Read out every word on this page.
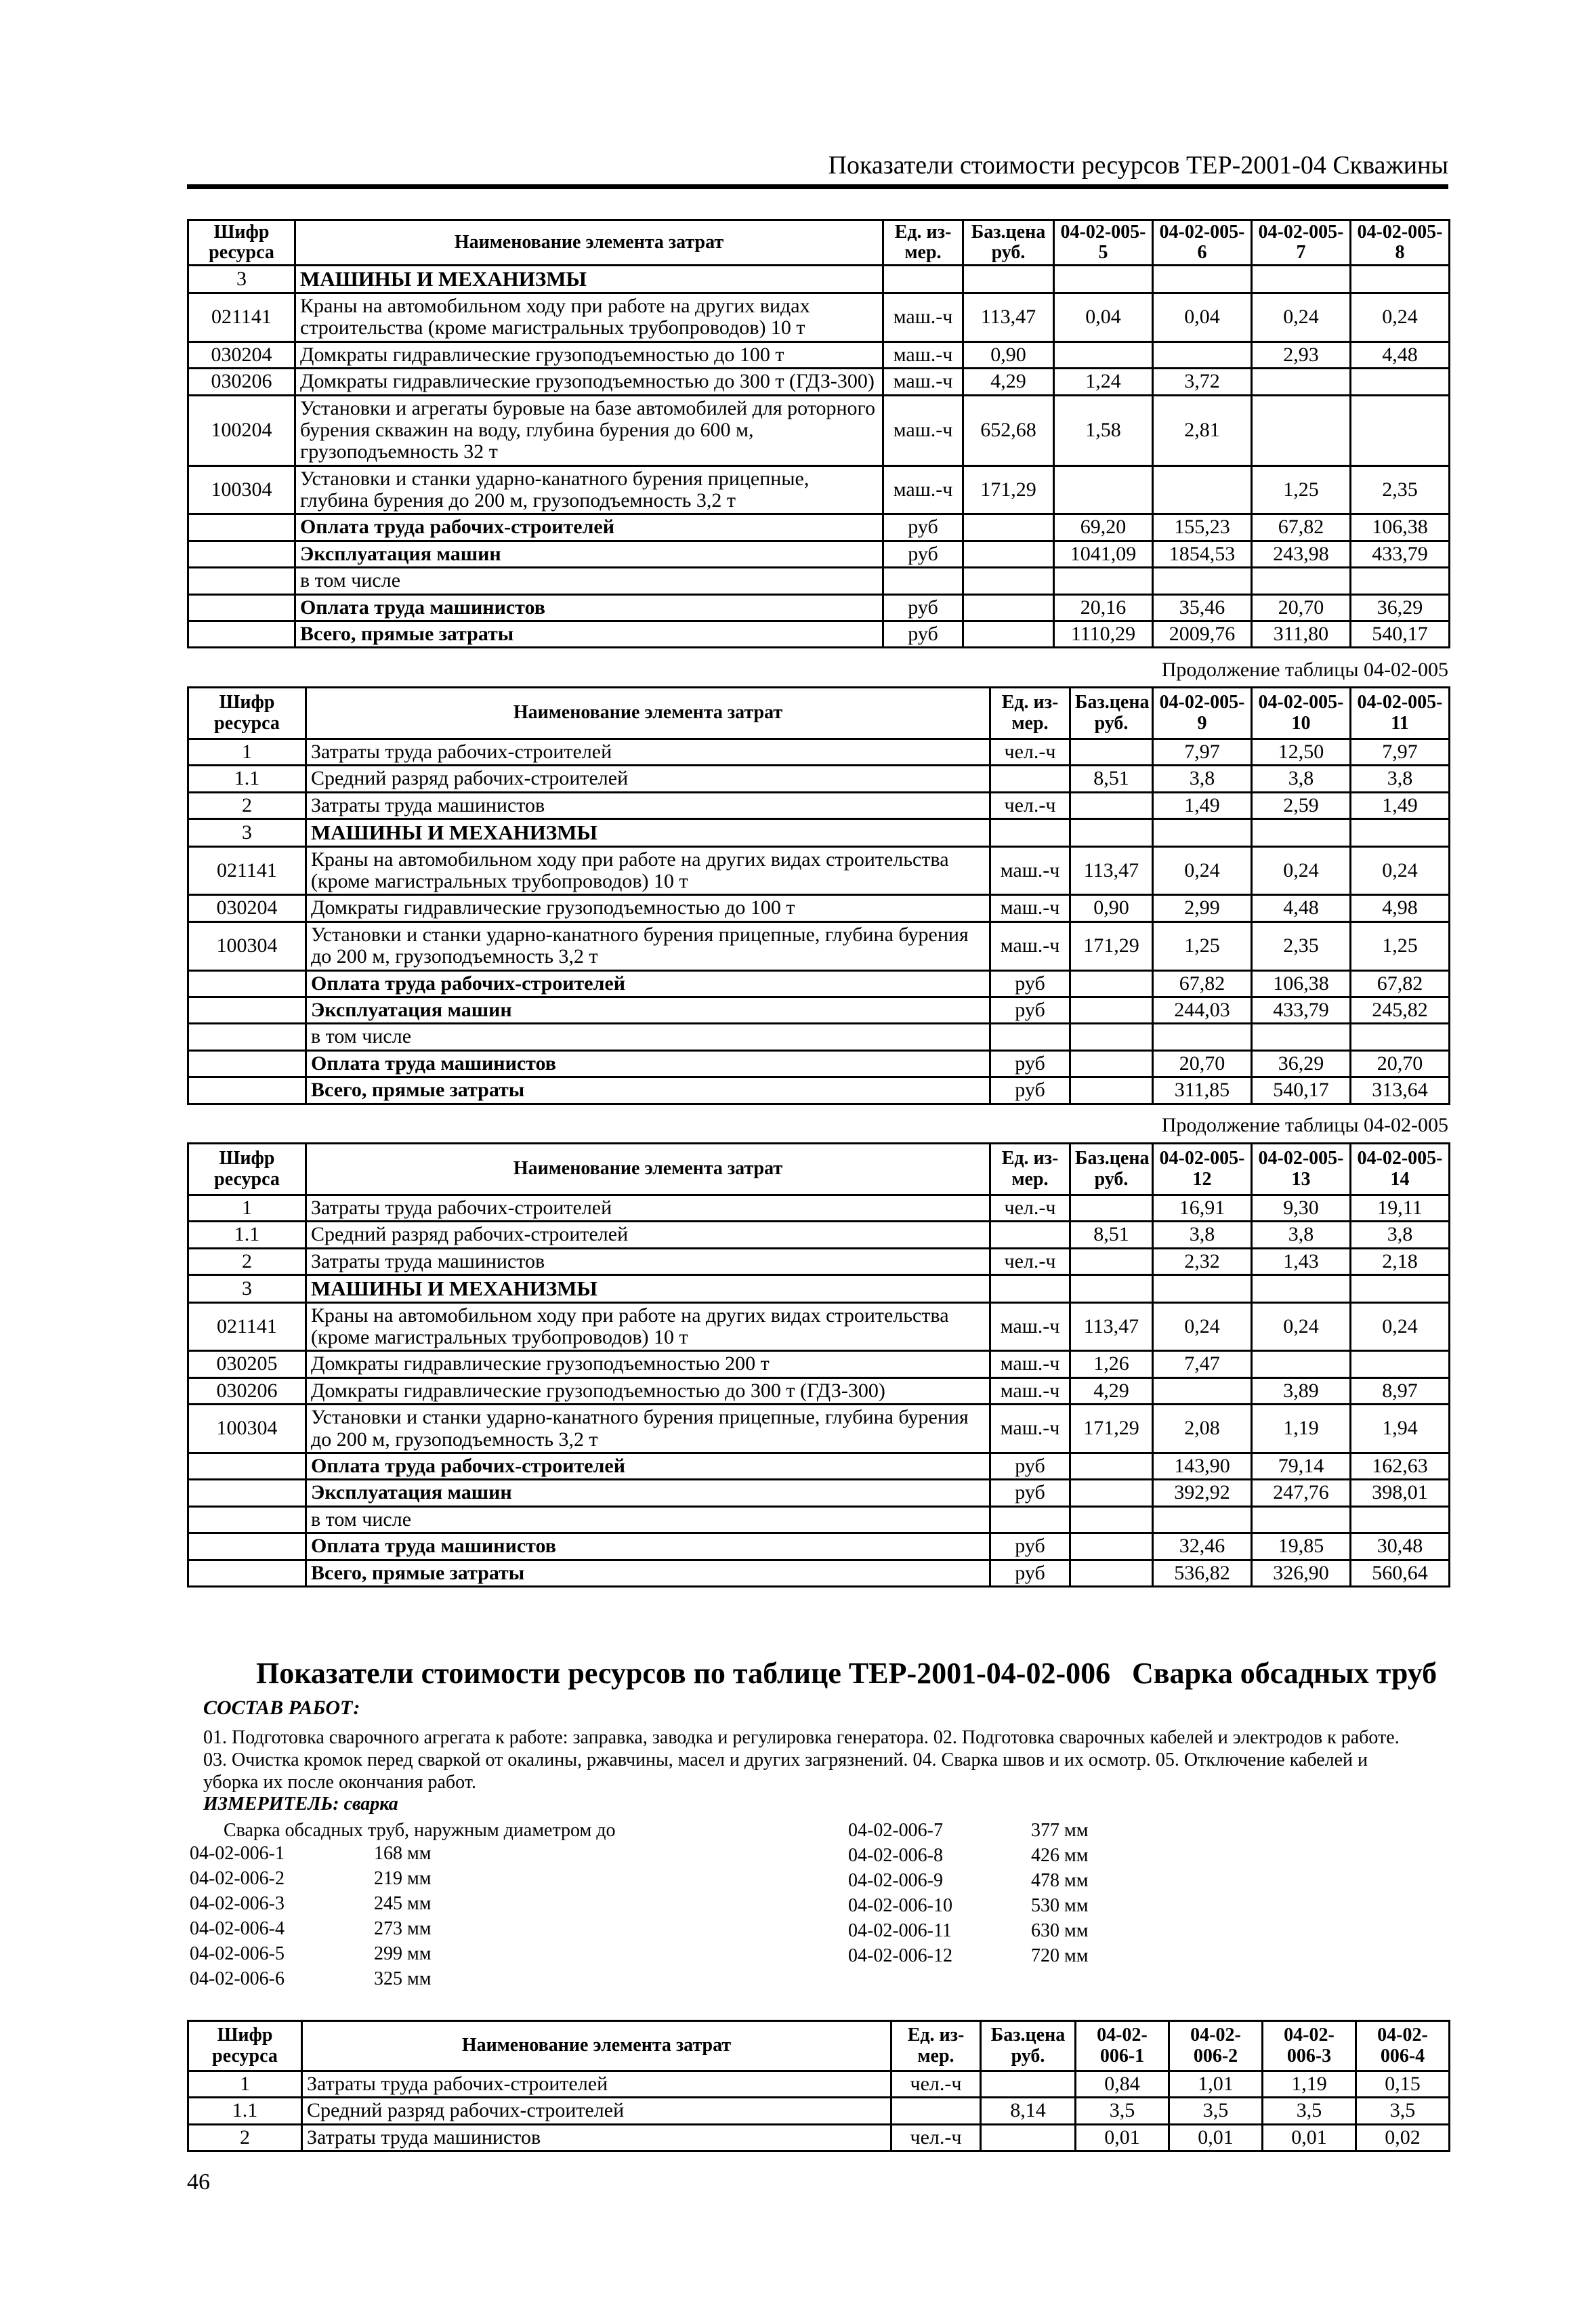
Показатели стоимости ресурсов ТЕР-2001-04 Скважины
Шифр ресурса	Наименование элемента затрат	Ед. из-мер.	Баз.цена руб.	04-02-005-5	04-02-005-6	04-02-005-7	04-02-005-8
3	МАШИНЫ И МЕХАНИЗМЫ						
021141	Краны на автомобильном ходу при работе на других видах строительства (кроме магистральных трубопроводов) 10 т	маш.-ч	113,47	0,04	0,04	0,24	0,24
030204	Домкраты гидравлические грузоподъемностью до 100 т	маш.-ч	0,90			2,93	4,48
030206	Домкраты гидравлические грузоподъемностью до 300 т (ГДЗ-300)	маш.-ч	4,29	1,24	3,72		
100204	Установки и агрегаты буровые на базе автомобилей для роторного бурения скважин на воду, глубина бурения до 600 м, грузоподъемность 32 т	маш.-ч	652,68	1,58	2,81		
100304	Установки и станки ударно-канатного бурения прицепные, глубина бурения до 200 м, грузоподъемность 3,2 т	маш.-ч	171,29			1,25	2,35
	Оплата труда рабочих-строителей	руб		69,20	155,23	67,82	106,38
	Эксплуатация машин	руб		1041,09	1854,53	243,98	433,79
	в том числе						
	Оплата труда машинистов	руб		20,16	35,46	20,70	36,29
	Всего, прямые затраты	руб		1110,29	2009,76	311,80	540,17
Продолжение таблицы 04-02-005
Шифр ресурса	Наименование элемента затрат	Ед. из-мер.	Баз.цена руб.	04-02-005-9	04-02-005-10	04-02-005-11
1	Затраты труда рабочих-строителей	чел.-ч		7,97	12,50	7,97
1.1	Средний разряд рабочих-строителей		8,51	3,8	3,8	3,8
2	Затраты труда машинистов	чел.-ч		1,49	2,59	1,49
3	МАШИНЫ И МЕХАНИЗМЫ					
021141	Краны на автомобильном ходу при работе на других видах строительства (кроме магистральных трубопроводов) 10 т	маш.-ч	113,47	0,24	0,24	0,24
030204	Домкраты гидравлические грузоподъемностью до 100 т	маш.-ч	0,90	2,99	4,48	4,98
100304	Установки и станки ударно-канатного бурения прицепные, глубина бурения до 200 м, грузоподъемность 3,2 т	маш.-ч	171,29	1,25	2,35	1,25
	Оплата труда рабочих-строителей	руб		67,82	106,38	67,82
	Эксплуатация машин	руб		244,03	433,79	245,82
	в том числе					
	Оплата труда машинистов	руб		20,70	36,29	20,70
	Всего, прямые затраты	руб		311,85	540,17	313,64
Продолжение таблицы 04-02-005
Шифр ресурса	Наименование элемента затрат	Ед. из-мер.	Баз.цена руб.	04-02-005-12	04-02-005-13	04-02-005-14
1	Затраты труда рабочих-строителей	чел.-ч		16,91	9,30	19,11
1.1	Средний разряд рабочих-строителей		8,51	3,8	3,8	3,8
2	Затраты труда машинистов	чел.-ч		2,32	1,43	2,18
3	МАШИНЫ И МЕХАНИЗМЫ					
021141	Краны на автомобильном ходу при работе на других видах строительства (кроме магистральных трубопроводов) 10 т	маш.-ч	113,47	0,24	0,24	0,24
030205	Домкраты гидравлические грузоподъемностью 200 т	маш.-ч	1,26	7,47		
030206	Домкраты гидравлические грузоподъемностью до 300 т (ГДЗ-300)	маш.-ч	4,29		3,89	8,97
100304	Установки и станки ударно-канатного бурения прицепные, глубина бурения до 200 м, грузоподъемность 3,2 т	маш.-ч	171,29	2,08	1,19	1,94
	Оплата труда рабочих-строителей	руб		143,90	79,14	162,63
	Эксплуатация машин	руб		392,92	247,76	398,01
	в том числе					
	Оплата труда машинистов	руб		32,46	19,85	30,48
	Всего, прямые затраты	руб		536,82	326,90	560,64
Показатели стоимости ресурсов по таблице ТЕР-2001-04-02-006 Сварка обсадных труб
СОСТАВ РАБОТ:
01. Подготовка сварочного агрегата к работе: заправка, заводка и регулировка генератора. 02. Подготовка сварочных кабелей и электродов к работе. 03. Очистка кромок перед сваркой от окалины, ржавчины, масел и других загрязнений. 04. Сварка швов и их осмотр. 05. Отключение кабелей и уборка их после окончания работ.
ИЗМЕРИТЕЛЬ: сварка
Сварка обсадных труб, наружным диаметром до
04-02-006-1	168 мм
04-02-006-2	219 мм
04-02-006-3	245 мм
04-02-006-4	273 мм
04-02-006-5	299 мм
04-02-006-6	325 мм
04-02-006-7	377 мм
04-02-006-8	426 мм
04-02-006-9	478 мм
04-02-006-10	530 мм
04-02-006-11	630 мм
04-02-006-12	720 мм
Шифр ресурса	Наименование элемента затрат	Ед. из-мер.	Баз.цена руб.	04-02-006-1	04-02-006-2	04-02-006-3	04-02-006-4
1	Затраты труда рабочих-строителей	чел.-ч		0,84	1,01	1,19	0,15
1.1	Средний разряд рабочих-строителей		8,14	3,5	3,5	3,5	3,5
2	Затраты труда машинистов	чел.-ч		0,01	0,01	0,01	0,02
46
